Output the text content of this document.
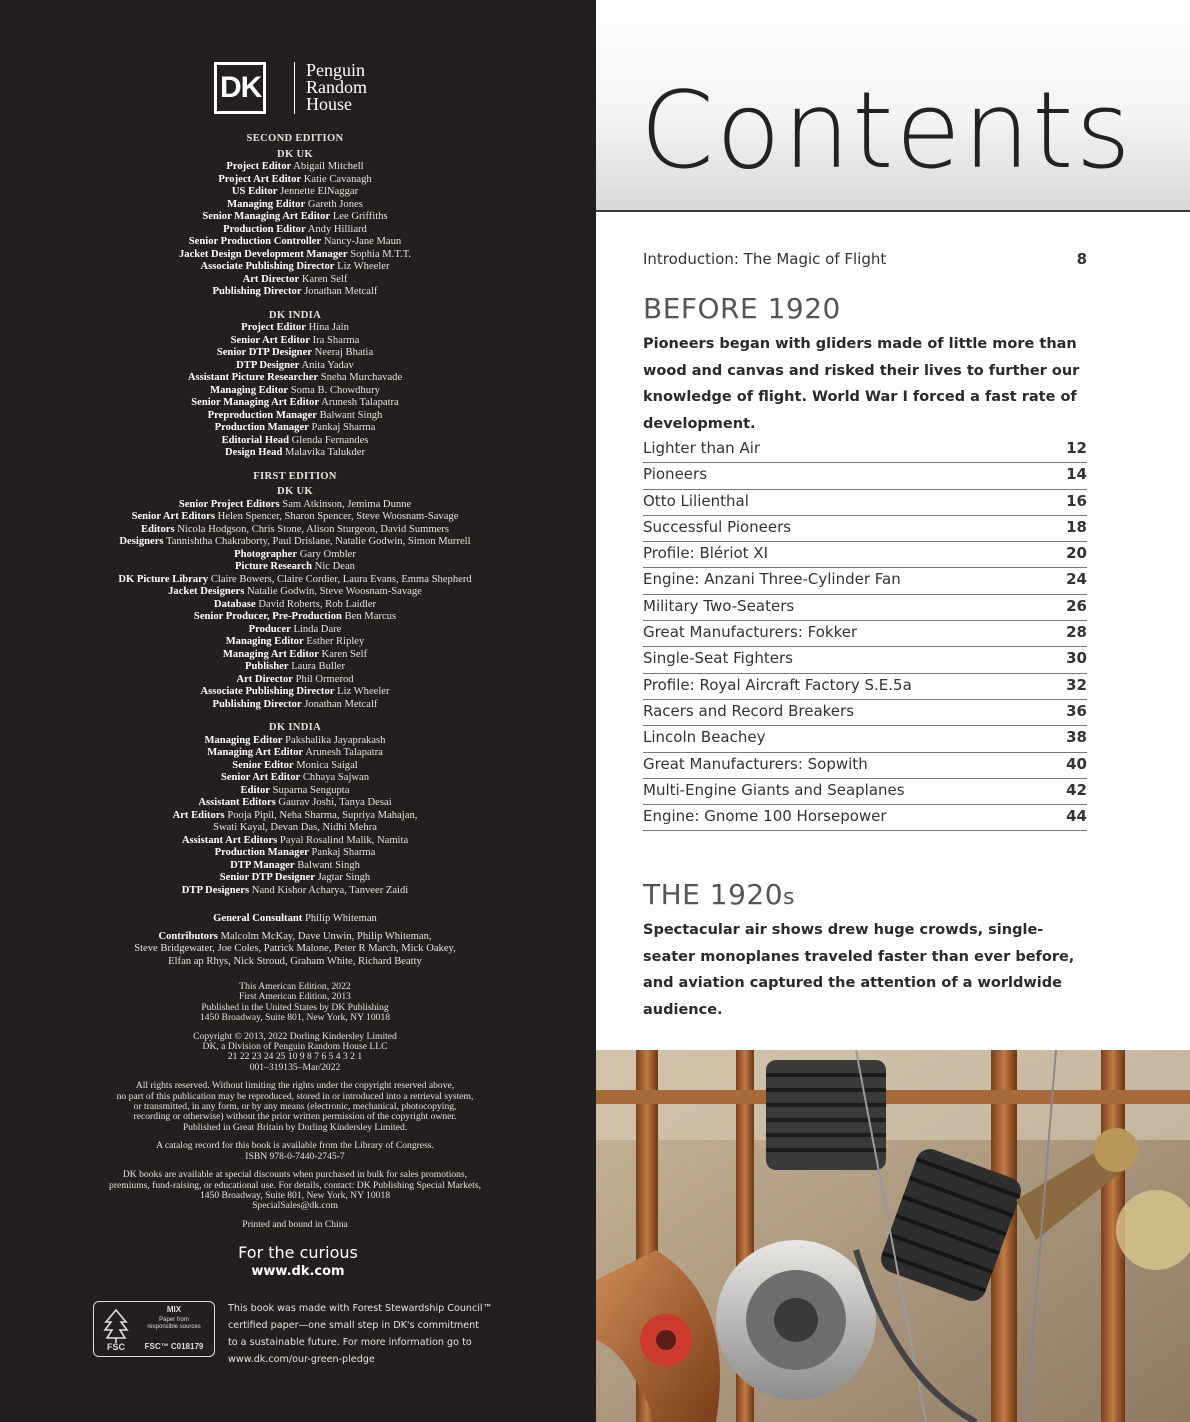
DK
Penguin
Random
House
SECOND EDITION
DK UK
Project Editor Abigail Mitchell
Project Art Editor Katie Cavanagh
US Editor Jennette ElNaggar
Managing Editor Gareth Jones
Senior Managing Art Editor Lee Griffiths
Production Editor Andy Hilliard
Senior Production Controller Nancy-Jane Maun
Jacket Design Development Manager Sophia M.T.T.
Associate Publishing Director Liz Wheeler
Art Director Karen Self
Publishing Director Jonathan Metcalf
DK INDIA
Project Editor Hina Jain
Senior Art Editor Ira Sharma
Senior DTP Designer Neeraj Bhatia
DTP Designer Anita Yadav
Assistant Picture Researcher Sneha Murchavade
Managing Editor Soma B. Chowdhury
Senior Managing Art Editor Arunesh Talapatra
Preproduction Manager Balwant Singh
Production Manager Pankaj Sharma
Editorial Head Glenda Fernandes
Design Head Malavika Talukder
FIRST EDITION
DK UK
Senior Project Editors Sam Atkinson, Jemima Dunne
Senior Art Editors Helen Spencer, Sharon Spencer, Steve Woosnam-Savage
Editors Nicola Hodgson, Chris Stone, Alison Sturgeon, David Summers
Designers Tannishtha Chakraborty, Paul Drislane, Natalie Godwin, Simon Murrell
Photographer Gary Ombler
Picture Research Nic Dean
DK Picture Library Claire Bowers, Claire Cordier, Laura Evans, Emma Shepherd
Jacket Designers Natalie Godwin, Steve Woosnam-Savage
Database David Roberts, Rob Laidler
Senior Producer, Pre-Production Ben Marcus
Producer Linda Dare
Managing Editor Esther Ripley
Managing Art Editor Karen Self
Publisher Laura Buller
Art Director Phil Ormerod
Associate Publishing Director Liz Wheeler
Publishing Director Jonathan Metcalf
DK INDIA
Managing Editor Pakshalika Jayaprakash
Managing Art Editor Arunesh Talapatra
Senior Editor Monica Saigal
Senior Art Editor Chhaya Sajwan
Editor Suparna Sengupta
Assistant Editors Gaurav Joshi, Tanya Desai
Art Editors Pooja Pipil, Neha Sharma, Supriya Mahajan,
Swati Kayal, Devan Das, Nidhi Mehra
Assistant Art Editors Payal Rosalind Malik, Namita
Production Manager Pankaj Sharma
DTP Manager Balwant Singh
Senior DTP Designer Jagtar Singh
DTP Designers Nand Kishor Acharya, Tanveer Zaidi
General Consultant Philip Whiteman
Contributors Malcolm McKay, Dave Unwin, Philip Whiteman,
Steve Bridgewater, Joe Coles, Patrick Malone, Peter R March, Mick Oakey,
Elfan ap Rhys, Nick Stroud, Graham White, Richard Beatty
This American Edition, 2022
First American Edition, 2013
Published in the United States by DK Publishing
1450 Broadway, Suite 801, New York, NY 10018
Copyright © 2013, 2022 Dorling Kindersley Limited
DK, a Division of Penguin Random House LLC
21 22 23 24 25 10 9 8 7 6 5 4 3 2 1
001–319135–Mar/2022
All rights reserved. Without limiting the rights under the copyright reserved above,
no part of this publication may be reproduced, stored in or introduced into a retrieval system,
or transmitted, in any form, or by any means (electronic, mechanical, photocopying,
recording or otherwise) without the prior written permission of the copyright owner.
Published in Great Britain by Dorling Kindersley Limited.
A catalog record for this book is available from the Library of Congress.
ISBN 978-0-7440-2745-7
DK books are available at special discounts when purchased in bulk for sales promotions,
premiums, fund-raising, or educational use. For details, contact: DK Publishing Special Markets,
1450 Broadway, Suite 801, New York, NY 10018
SpecialSales@dk.com
Printed and bound in China
For the curious
www.dk.com
FSC
MIX
Paper from
responsible sources
FSC™ C018179
This book was made with Forest Stewardship Council™
certified paper—one small step in DK's commitment
to a sustainable future. For more information go to
www.dk.com/our-green-pledge
Contents
Introduction: The Magic of Flight	8
BEFORE 1920

Pioneers began with gliders made of little more than wood and canvas and risked their lives to further our knowledge of flight. World War I forced a fast rate of development.

Lighter than Air	12
Pioneers	14
Otto Lilienthal	16
Successful Pioneers	18
Profile: Blériot XI	20
Engine: Anzani Three-Cylinder Fan	24
Military Two-Seaters	26
Great Manufacturers: Fokker	28
Single-Seat Fighters	30
Profile: Royal Aircraft Factory S.E.5a	32
Racers and Record Breakers	36
Lincoln Beachey	38
Great Manufacturers: Sopwith	40
Multi-Engine Giants and Seaplanes	42
Engine: Gnome 100 Horsepower	44
THE 1920s

Spectacular air shows drew huge crowds, single-seater monoplanes traveled faster than ever before, and aviation captured the attention of a worldwide audience.
